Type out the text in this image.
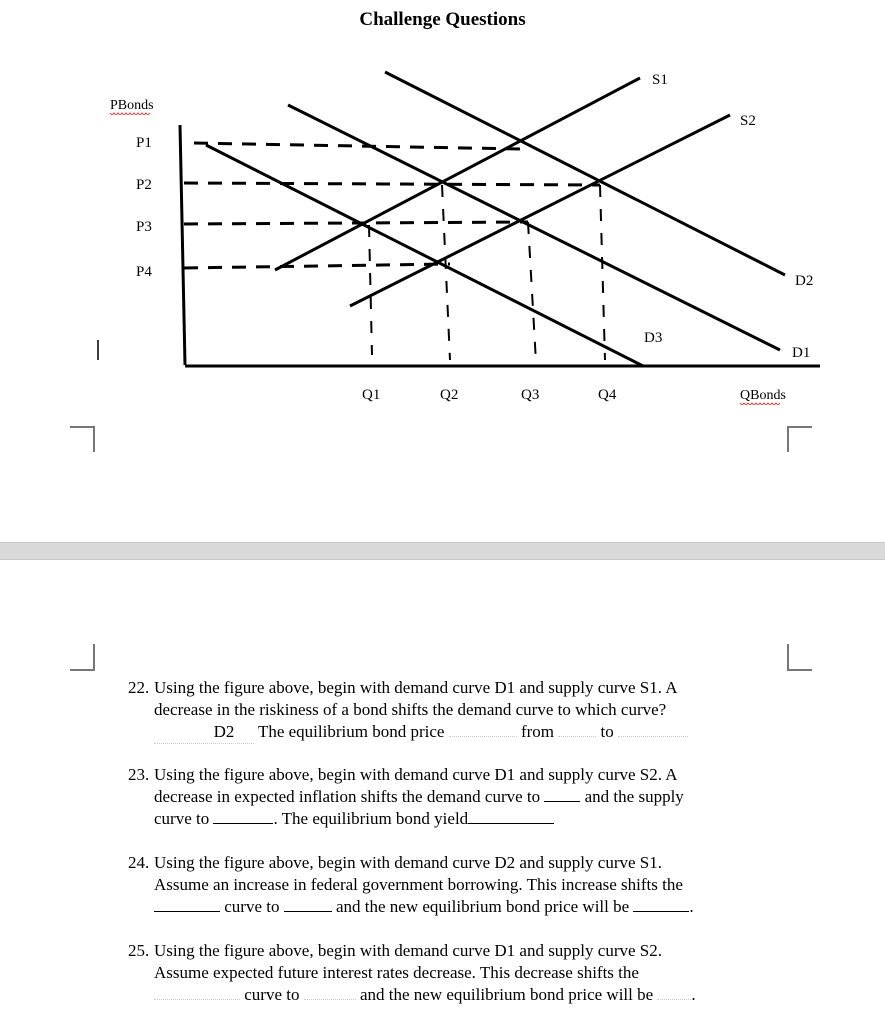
Challenge Questions
PBonds
P1
P2
P3
P4
Q1	Q2	Q3	Q4	QBonds
S1
S2
D2
D1
D3
22. Using the figure above, begin with demand curve D1 and supply curve S1. A
decrease in the riskiness of a bond shifts the demand curve to which curve?
D2 The equilibrium bond price	from	to
23. Using the figure above, begin with demand curve D1 and supply curve S2. A
decrease in expected inflation shifts the demand curve to	and the supply
curve to	. The equilibrium bond yield
24. Using the figure above, begin with demand curve D2 and supply curve S1.
Assume an increase in federal government borrowing. This increase shifts the
curve to	and the new equilibrium bond price will be	.
25. Using the figure above, begin with demand curve D1 and supply curve S2.
Assume expected future interest rates decrease. This decrease shifts the
curve to	and the new equilibrium bond price will be .
